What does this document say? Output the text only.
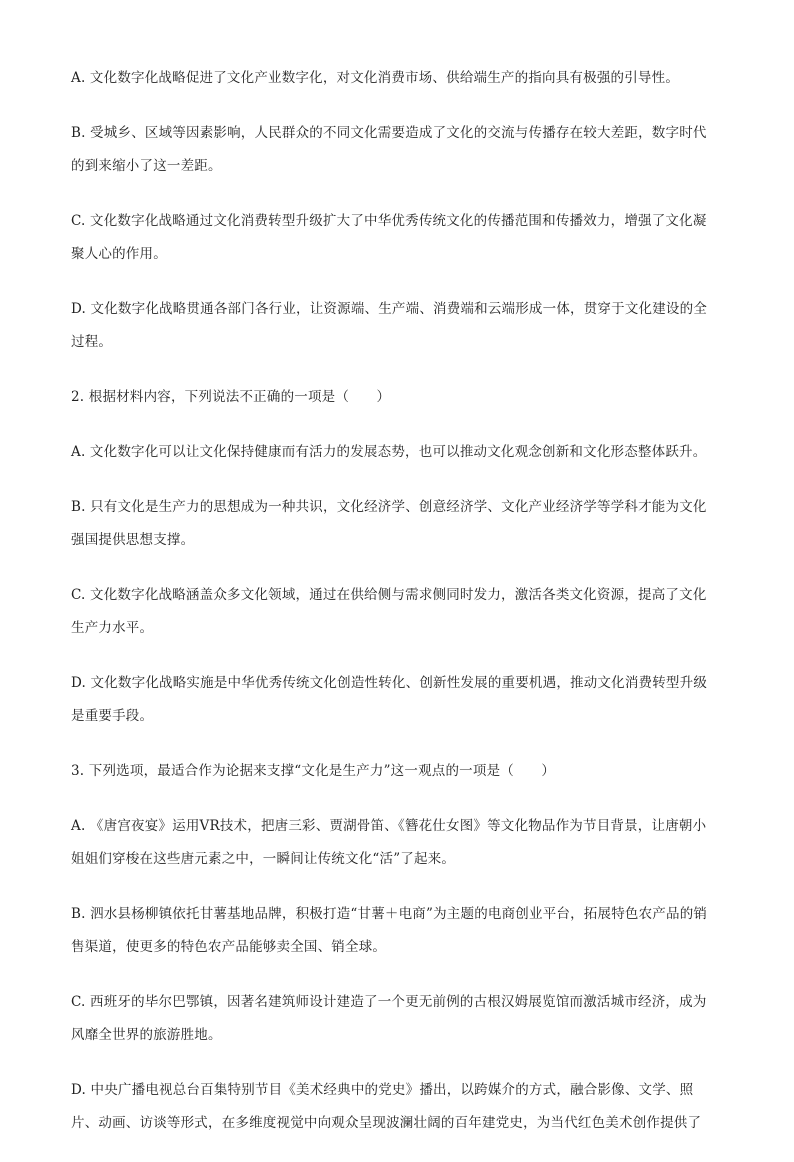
A. 文化数字化战略促进了文化产业数字化，对文化消费市场、供给端生产的指向具有极强的引导性。

B. 受城乡、区域等因素影响，人民群众的不同文化需要造成了文化的交流与传播存在较大差距，数字时代的到来缩小了这一差距。

C. 文化数字化战略通过文化消费转型升级扩大了中华优秀传统文化的传播范围和传播效力，增强了文化凝聚人心的作用。

D. 文化数字化战略贯通各部门各行业，让资源端、生产端、消费端和云端形成一体，贯穿于文化建设的全过程。

2. 根据材料内容，下列说法不正确的一项是（　　）

A. 文化数字化可以让文化保持健康而有活力的发展态势，也可以推动文化观念创新和文化形态整体跃升。

B. 只有文化是生产力的思想成为一种共识，文化经济学、创意经济学、文化产业经济学等学科才能为文化强国提供思想支撑。

C. 文化数字化战略涵盖众多文化领域，通过在供给侧与需求侧同时发力，激活各类文化资源，提高了文化生产力水平。

D. 文化数字化战略实施是中华优秀传统文化创造性转化、创新性发展的重要机遇，推动文化消费转型升级是重要手段。

3. 下列选项，最适合作为论据来支撑“文化是生产力”这一观点的一项是（　　）

A. 《唐宫夜宴》运用VR技术，把唐三彩、贾湖骨笛、《簪花仕女图》等文化物品作为节目背景，让唐朝小姐姐们穿梭在这些唐元素之中，一瞬间让传统文化“活”了起来。

B. 泗水县杨柳镇依托甘薯基地品牌，积极打造“甘薯＋电商”为主题的电商创业平台，拓展特色农产品的销售渠道，使更多的特色农产品能够卖全国、销全球。

C. 西班牙的毕尔巴鄂镇，因著名建筑师设计建造了一个更无前例的古根汉姆展览馆而激活城市经济，成为风靡全世界的旅游胜地。

D. 中央广播电视总台百集特别节目《美术经典中的党史》播出，以跨媒介的方式，融合影像、文学、照片、动画、访谈等形式，在多维度视觉中向观众呈现波澜壮阔的百年建党史，为当代红色美术创作提供了
